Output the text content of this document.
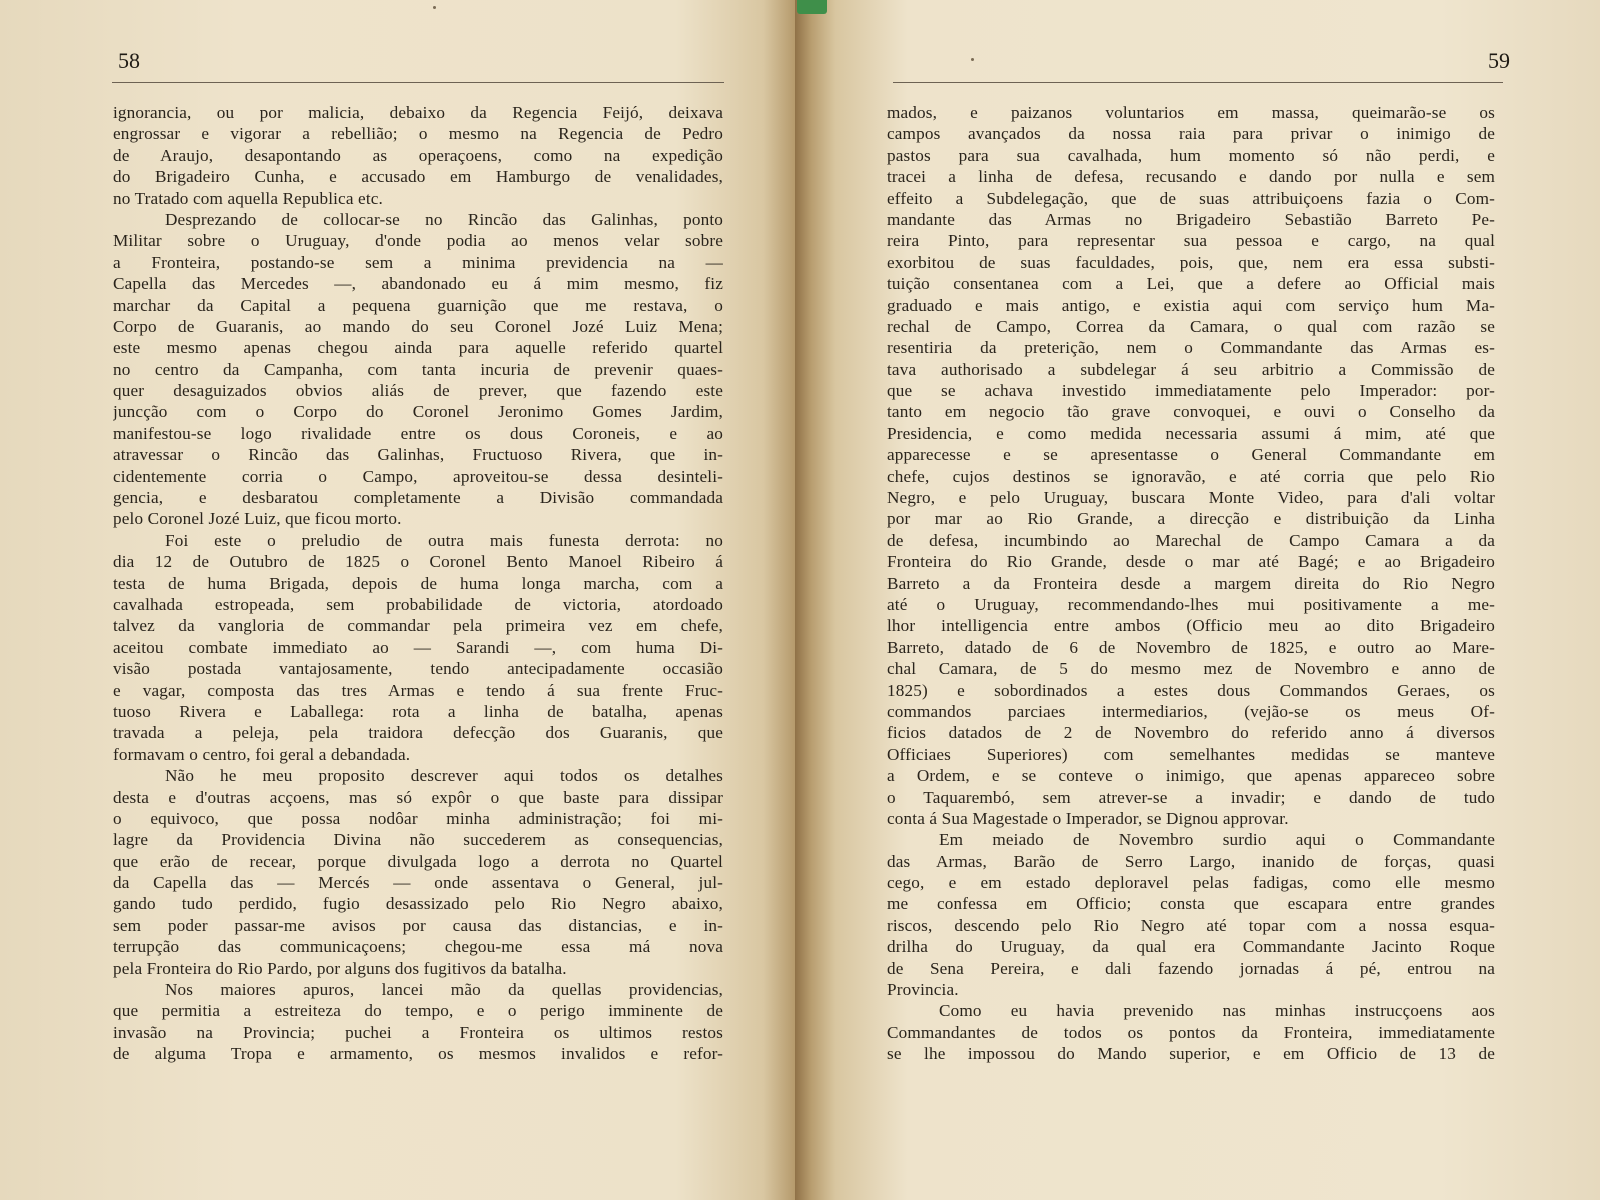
58
ignorancia, ou por malicia, debaixo da Regencia Feijó, deixava
engrossar e vigorar a rebellião; o mesmo na Regencia de Pedro
de Araujo, desapontando as operaçoens, como na expedição
do Brigadeiro Cunha, e accusado em Hamburgo de venalidades,
no Tratado com aquella Republica etc.
Desprezando de collocar-se no Rincão das Galinhas, ponto
Militar sobre o Uruguay, d'onde podia ao menos velar sobre
a Fronteira, postando-se sem a minima previdencia na —
Capella das Mercedes —, abandonado eu á mim mesmo, fiz
marchar da Capital a pequena guarnição que me restava, o
Corpo de Guaranis, ao mando do seu Coronel Jozé Luiz Mena;
este mesmo apenas chegou ainda para aquelle referido quartel
no centro da Campanha, com tanta incuria de prevenir quaes-
quer desaguizados obvios aliás de prever, que fazendo este
juncção com o Corpo do Coronel Jeronimo Gomes Jardim,
manifestou-se logo rivalidade entre os dous Coroneis, e ao
atravessar o Rincão das Galinhas, Fructuoso Rivera, que in-
cidentemente corria o Campo, aproveitou-se dessa desinteli-
gencia, e desbaratou completamente a Divisão commandada
pelo Coronel Jozé Luiz, que ficou morto.
Foi este o preludio de outra mais funesta derrota: no
dia 12 de Outubro de 1825 o Coronel Bento Manoel Ribeiro á
testa de huma Brigada, depois de huma longa marcha, com a
cavalhada estropeada, sem probabilidade de victoria, atordoado
talvez da vangloria de commandar pela primeira vez em chefe,
aceitou combate immediato ao — Sarandi —, com huma Di-
visão postada vantajosamente, tendo antecipadamente occasião
e vagar, composta das tres Armas e tendo á sua frente Fruc-
tuoso Rivera e Laballega: rota a linha de batalha, apenas
travada a peleja, pela traidora defecção dos Guaranis, que
formavam o centro, foi geral a debandada.
Não he meu proposito descrever aqui todos os detalhes
desta e d'outras acçoens, mas só expôr o que baste para dissipar
o equivoco, que possa nodôar minha administração; foi mi-
lagre da Providencia Divina não succederem as consequencias,
que erão de recear, porque divulgada logo a derrota no Quartel
da Capella das — Mercés — onde assentava o General, jul-
gando tudo perdido, fugio desassizado pelo Rio Negro abaixo,
sem poder passar-me avisos por causa das distancias, e in-
terrupção das communicaçoens; chegou-me essa má nova
pela Fronteira do Rio Pardo, por alguns dos fugitivos da batalha.
Nos maiores apuros, lancei mão da quellas providencias,
que permitia a estreiteza do tempo, e o perigo imminente de
invasão na Provincia; puchei a Fronteira os ultimos restos
de alguma Tropa e armamento, os mesmos invalidos e refor-
59
mados, e paizanos voluntarios em massa, queimarão-se os
campos avançados da nossa raia para privar o inimigo de
pastos para sua cavalhada, hum momento só não perdi, e
tracei a linha de defesa, recusando e dando por nulla e sem
effeito a Subdelegação, que de suas attribuiçoens fazia o Com-
mandante das Armas no Brigadeiro Sebastião Barreto Pe-
reira Pinto, para representar sua pessoa e cargo, na qual
exorbitou de suas faculdades, pois, que, nem era essa substi-
tuição consentanea com a Lei, que a defere ao Official mais
graduado e mais antigo, e existia aqui com serviço hum Ma-
rechal de Campo, Correa da Camara, o qual com razão se
resentiria da preterição, nem o Commandante das Armas es-
tava authorisado a subdelegar á seu arbitrio a Commissão de
que se achava investido immediatamente pelo Imperador: por-
tanto em negocio tão grave convoquei, e ouvi o Conselho da
Presidencia, e como medida necessaria assumi á mim, até que
apparecesse e se apresentasse o General Commandante em
chefe, cujos destinos se ignoravão, e até corria que pelo Rio
Negro, e pelo Uruguay, buscara Monte Video, para d'ali voltar
por mar ao Rio Grande, a direcção e distribuição da Linha
de defesa, incumbindo ao Marechal de Campo Camara a da
Fronteira do Rio Grande, desde o mar até Bagé; e ao Brigadeiro
Barreto a da Fronteira desde a margem direita do Rio Negro
até o Uruguay, recommendando-lhes mui positivamente a me-
lhor intelligencia entre ambos (Officio meu ao dito Brigadeiro
Barreto, datado de 6 de Novembro de 1825, e outro ao Mare-
chal Camara, de 5 do mesmo mez de Novembro e anno de
1825) e sobordinados a estes dous Commandos Geraes, os
commandos parciaes intermediarios, (vejão-se os meus Of-
ficios datados de 2 de Novembro do referido anno á diversos
Officiaes Superiores) com semelhantes medidas se manteve
a Ordem, e se conteve o inimigo, que apenas appareceo sobre
o Taquarembó, sem atrever-se a invadir; e dando de tudo
conta á Sua Magestade o Imperador, se Dignou approvar.
Em meiado de Novembro surdio aqui o Commandante
das Armas, Barão de Serro Largo, inanido de forças, quasi
cego, e em estado deploravel pelas fadigas, como elle mesmo
me confessa em Officio; consta que escapara entre grandes
riscos, descendo pelo Rio Negro até topar com a nossa esqua-
drilha do Uruguay, da qual era Commandante Jacinto Roque
de Sena Pereira, e dali fazendo jornadas á pé, entrou na
Provincia.
Como eu havia prevenido nas minhas instrucçoens aos
Commandantes de todos os pontos da Fronteira, immediatamente
se lhe impossou do Mando superior, e em Officio de 13 de
